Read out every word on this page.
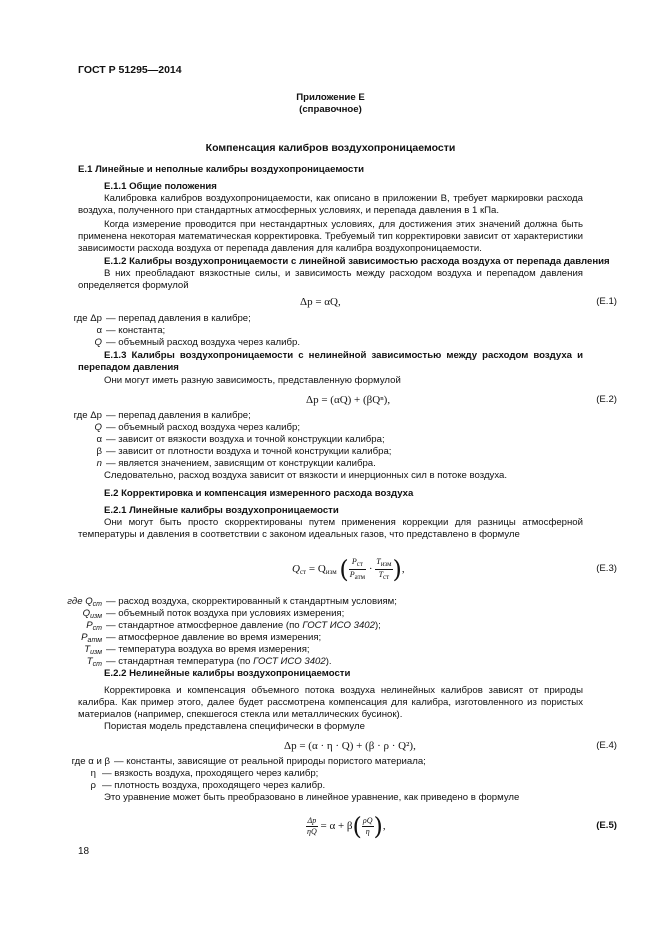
ГОСТ Р 51295—2014
Приложение Е
(справочное)
Компенсация калибров воздухопроницаемости
Е.1 Линейные и неполные калибры воздухопроницаемости
Е.1.1 Общие положения
Калибровка калибров воздухопроницаемости, как описано в приложении В, требует маркировки расхода воздуха, полученного при стандартных атмосферных условиях, и перепада давления в 1 кПа.
Когда измерение проводится при нестандартных условиях, для достижения этих значений должна быть применена некоторая математическая корректировка. Требуемый тип корректировки зависит от характеристики зависимости расхода воздуха от перепада давления для калибра воздухопроницаемости.
Е.1.2 Калибры воздухопроницаемости с линейной зависимостью расхода воздуха от перепада давления
В них преобладают вязкостные силы, и зависимость между расходом воздуха и перепадом давления определяется формулой
Δp = αQ,	(Е.1)
где Δp — перепад давления в калибре;
α — константа;
Q — объемный расход воздуха через калибр.
Е.1.3 Калибры воздухопроницаемости с нелинейной зависимостью между расходом воздуха и перепадом давления
Они могут иметь разную зависимость, представленную формулой
Δp = (αQ) + (βQⁿ),	(Е.2)
где Δp — перепад давления в калибре;
Q — объемный расход воздуха через калибр;
α — зависит от вязкости воздуха и точной конструкции калибра;
β — зависит от плотности воздуха и точной конструкции калибра;
n — является значением, зависящим от конструкции калибра.
Следовательно, расход воздуха зависит от вязкости и инерционных сил в потоке воздуха.
Е.2 Корректировка и компенсация измеренного расхода воздуха
Е.2.1 Линейные калибры воздухопроницаемости
Они могут быть просто скорректированы путем применения коррекции для разницы атмосферной температуры и давления в соответствии с законом идеальных газов, что представлено в формуле
$Q_{ст} = Q_{изм}$ ( $\frac{P_{ст}}{P_{атм}} \cdot \frac{T_{изм}}{T_{ст}}$ ),	(Е.3)
где $Q_{ст}$ — расход воздуха, скорректированный к стандартным условиям;
$Q_{изм}$ — объемный поток воздуха при условиях измерения;
$P_{ст}$ — стандартное атмосферное давление (по ГОСТ ИСО 3402);
$P_{атм}$ — атмосферное давление во время измерения;
$T_{изм}$ — температура воздуха во время измерения;
$T_{ст}$ — стандартная температура (по ГОСТ ИСО 3402).
Е.2.2 Нелинейные калибры воздухопроницаемости
Корректировка и компенсация объемного потока воздуха нелинейных калибров зависят от природы калибра. Как пример этого, далее будет рассмотрена компенсация для калибра, изготовленного из пористых материалов (например, спекшегося стекла или металлических бусинок).
Пористая модель представлена специфически в формуле
Δp = (α · η · Q) + (β · ρ · Q²),	(Е.4)
где α и β — константы, зависящие от реальной природы пористого материала;
η — вязкость воздуха, проходящего через калибр;
ρ — плотность воздуха, проходящего через калибр.
Это уравнение может быть преобразовано в линейное уравнение, как приведено в формуле
$\frac{\Delta p}{\eta Q} = \alpha + \beta( \frac{\rho Q}{\eta}$ ),	(Е.5)
18
